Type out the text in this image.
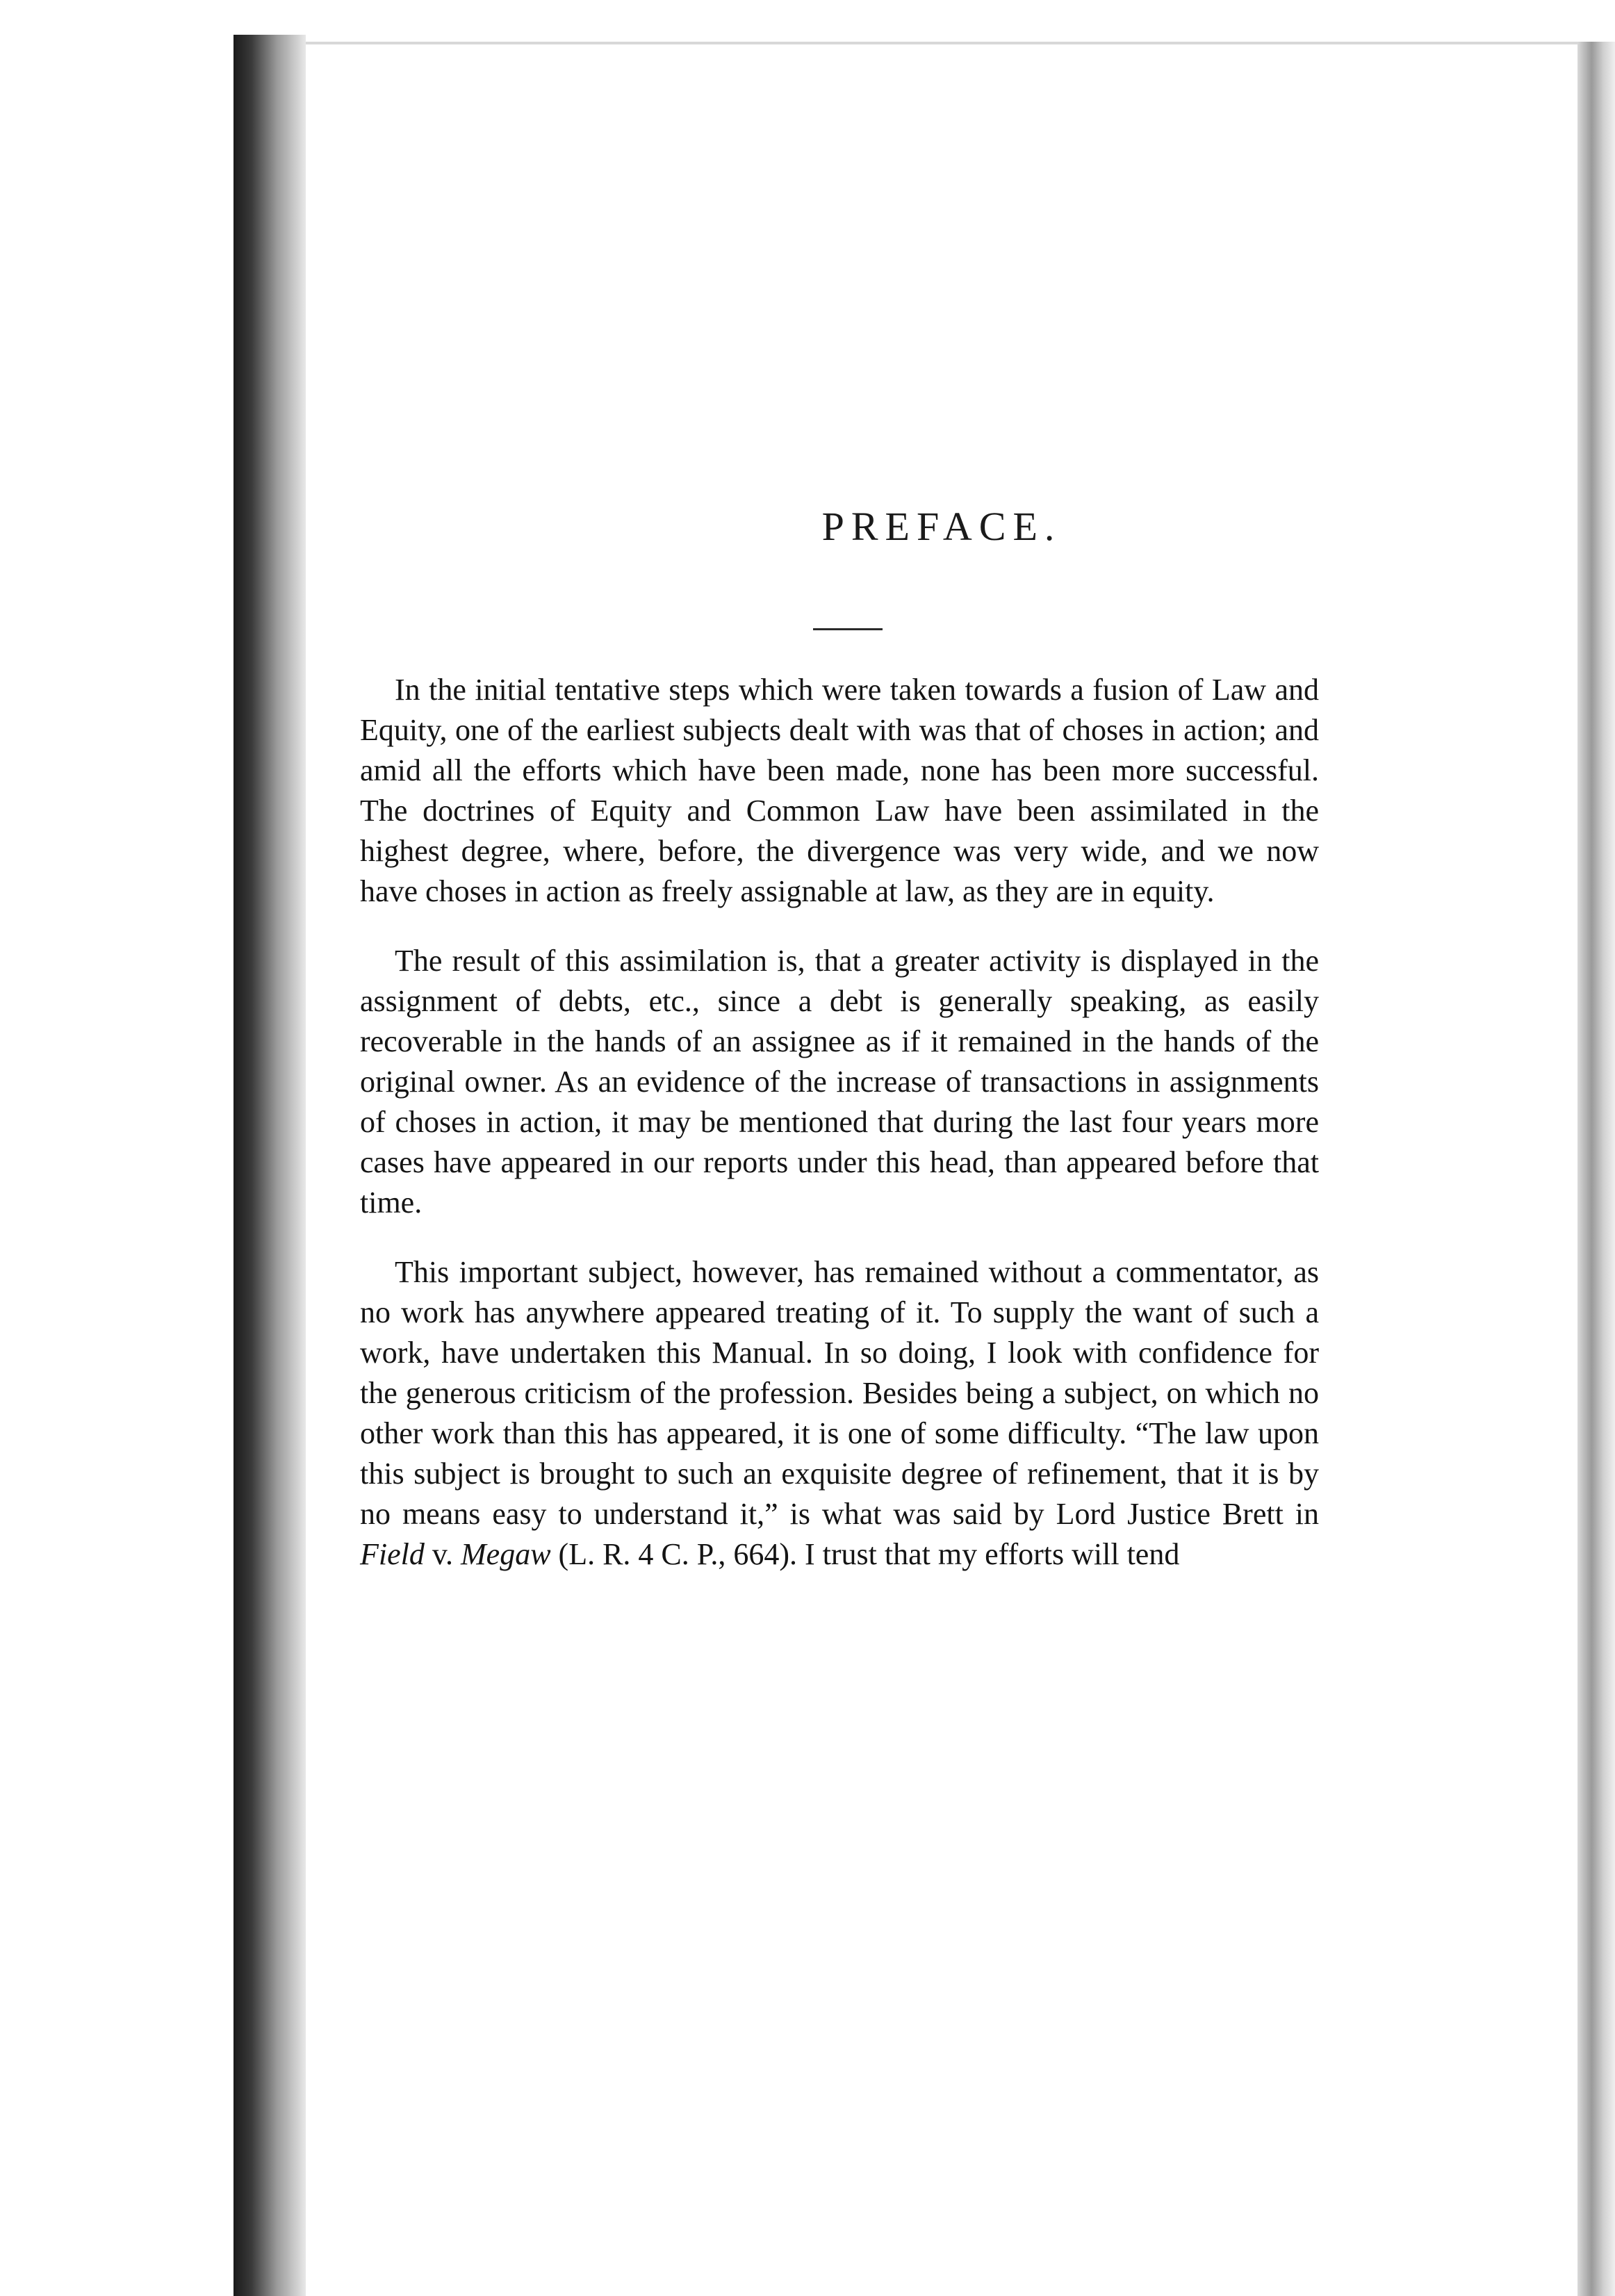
PREFACE.

In the initial tentative steps which were taken towards a fusion of Law and Equity, one of the earliest subjects dealt with was that of choses in action; and amid all the efforts which have been made, none has been more successful. The doctrines of Equity and Common Law have been assimilated in the highest degree, where, before, the divergence was very wide, and we now have choses in action as freely assignable at law, as they are in equity.

The result of this assimilation is, that a greater activity is displayed in the assignment of debts, etc., since a debt is generally speaking, as easily recoverable in the hands of an assignee as if it remained in the hands of the original owner. As an evidence of the increase of transactions in assignments of choses in action, it may be mentioned that during the last four years more cases have appeared in our reports under this head, than appeared before that time.

This important subject, however, has remained without a commentator, as no work has anywhere appeared treating of it. To supply the want of such a work, have undertaken this Manual. In so doing, I look with confidence for the generous criticism of the profession. Besides being a subject, on which no other work than this has appeared, it is one of some difficulty. “The law upon this subject is brought to such an exquisite degree of refinement, that it is by no means easy to understand it,” is what was said by Lord Justice Brett in Field v. Megaw (L. R. 4 C. P., 664). I trust that my efforts will tend
